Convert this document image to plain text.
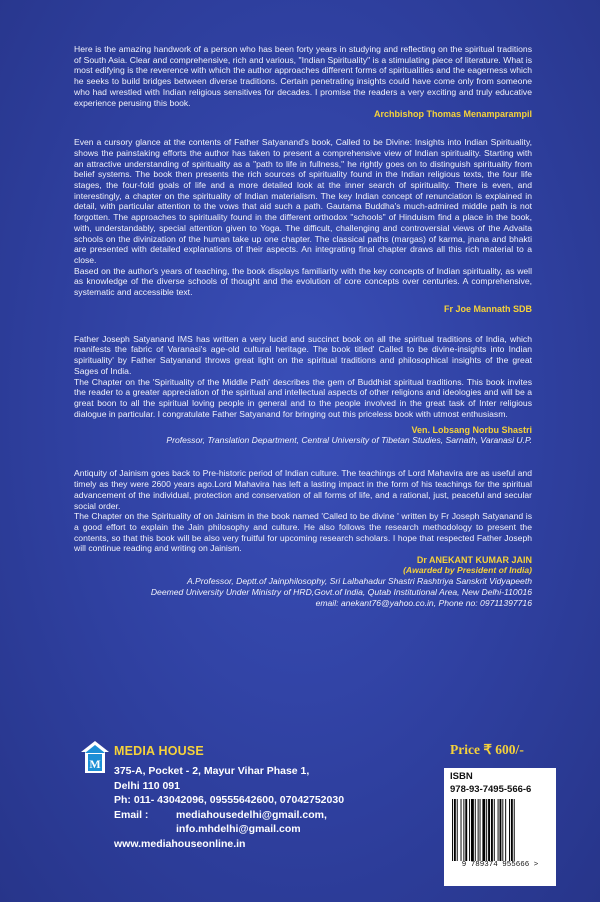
Here is the amazing handwork of a person who has been forty years in studying and reflecting on the spiritual traditions of South Asia. Clear and comprehensive, rich and various, "Indian Spirituality" is a stimulating piece of literature. What is most edifying is the reverence with which the author approaches different forms of spiritualities and the eagerness which he seeks to build bridges between diverse traditions. Certain penetrating insights could have come only from someone who had wrestled with Indian religious sensitives for decades. I promise the readers a very exciting and truly educative experience perusing this book.

Archbishop Thomas Menamparampil

Even a cursory glance at the contents of Father Satyanand's book, Called to be Divine: Insights into Indian Spirituality, shows the painstaking efforts the author has taken to present a comprehensive view of Indian spirituality. Starting with an attractive understanding of spirituality as a "path to life in fullness," he rightly goes on to distinguish spirituality from belief systems. The book then presents the rich sources of spirituality found in the Indian religious texts, the four life stages, the four-fold goals of life and a more detailed look at the inner search of spirituality. There is even, and interestingly, a chapter on the spirituality of Indian materialism. The key Indian concept of renunciation is explained in detail, with particular attention to the vows that aid such a path. Gautama Buddha's much-admired middle path is not forgotten. The approaches to spirituality found in the different orthodox "schools" of Hinduism find a place in the book, with, understandably, special attention given to Yoga. The difficult, challenging and controversial views of the Advaita schools on the divinization of the human take up one chapter. The classical paths (margas) of karma, jnana and bhakti are presented with detailed explanations of their aspects. An integrating final chapter draws all this rich material to a close.

Based on the author's years of teaching, the book displays familiarity with the key concepts of Indian spirituality, as well as knowledge of the diverse schools of thought and the evolution of core concepts over centuries. A comprehensive, systematic and accessible text.

Fr Joe Mannath SDB

Father Joseph Satyanand IMS has written a very lucid and succinct book on all the spiritual traditions of India, which manifests the fabric of Varanasi's age-old cultural heritage. The book titled' Called to be divine-insights into Indian spirituality' by Father Satyanand throws great light on the spiritual traditions and philosophical insights of the great Sages of India.

The Chapter on the 'Spirituality of the Middle Path' describes the gem of Buddhist spiritual traditions. This book invites the reader to a greater appreciation of the spiritual and intellectual aspects of other religions and ideologies and will be a great boon to all the spiritual loving people in general and to the people involved in the great task of Inter religious dialogue in particular. I congratulate Father Satyanand for bringing out this priceless book with utmost enthusiasm.

Ven. Lobsang Norbu Shastri
Professor, Translation Department, Central University of Tibetan Studies, Sarnath, Varanasi U.P.

Antiquity of Jainism goes back to Pre-historic period of Indian culture. The teachings of Lord Mahavira are as useful and timely as they were 2600 years ago.Lord Mahavira has left a lasting impact in the form of his teachings for the spiritual advancement of the individual, protection and conservation of all forms of life, and a rational, just, peaceful and secular social order.

The Chapter on the Spirituality of on Jainism in the book named 'Called to be divine ' written by Fr Joseph Satyanand is a good effort to explain the Jain philosophy and culture. He also follows the research methodology to present the contents, so that this book will be also very fruitful for upcoming research scholars. I hope that respected Father Joseph will continue reading and writing on Jainism.

Dr ANEKANT KUMAR JAIN
(Awarded by President of India)
A.Professor, Deptt.of Jainphilosophy, Sri Lalbahadur Shastri Rashtriya Sanskrit Vidyapeeth
Deemed University Under Ministry of HRD,Govt.of India, Qutab Institutional Area, New Delhi-110016
email: anekant76@yahoo.co.in, Phone no: 09711397716
M
MEDIA HOUSE
375-A, Pocket - 2, Mayur Vihar Phase 1,
Delhi 110 091
Ph: 011- 43042096, 09555642600, 07042752030
Email :	mediahousedelhi@gmail.com,
info.mhdelhi@gmail.com
www.mediahouseonline.in
Price ₹ 600/-
ISBN
978-93-7495-566-6
9 789374 955666 >
